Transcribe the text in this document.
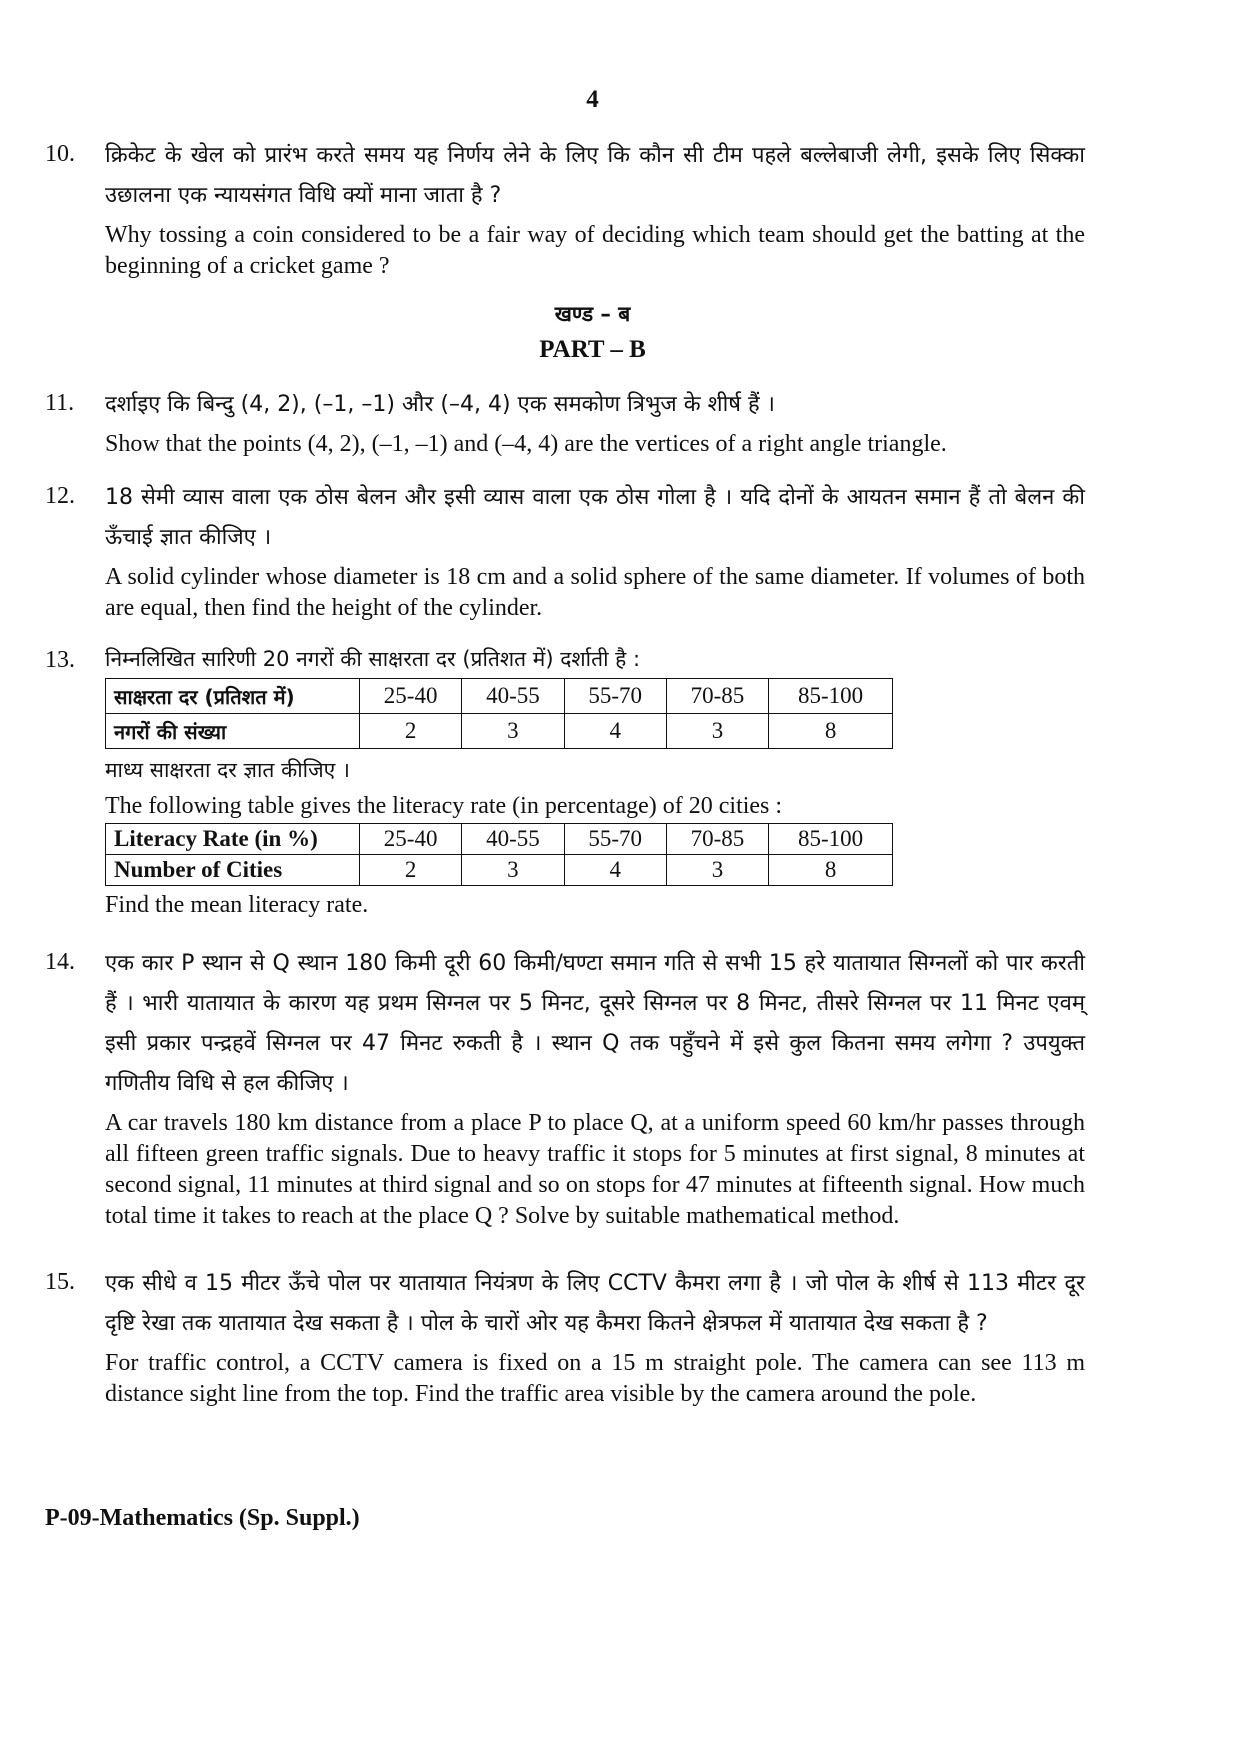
4
10. क्रिकेट के खेल को प्रारंभ करते समय यह निर्णय लेने के लिए कि कौन सी टीम पहले बल्लेबाजी लेगी, इसके लिए सिक्का उछालना एक न्यायसंगत विधि क्यों माना जाता है ?

Why tossing a coin considered to be a fair way of deciding which team should get the batting at the beginning of a cricket game ?

खण्ड – ब
PART – B
11. दर्शाइए कि बिन्दु (4, 2), (–1, –1) और (–4, 4) एक समकोण त्रिभुज के शीर्ष हैं ।

Show that the points (4, 2), (–1, –1) and (–4, 4) are the vertices of a right angle triangle.

12. 18 सेमी व्यास वाला एक ठोस बेलन और इसी व्यास वाला एक ठोस गोला है । यदि दोनों के आयतन समान हैं तो बेलन की ऊँचाई ज्ञात कीजिए ।

A solid cylinder whose diameter is 18 cm and a solid sphere of the same diameter. If volumes of both are equal, then find the height of the cylinder.

13. निम्नलिखित सारिणी 20 नगरों की साक्षरता दर (प्रतिशत में) दर्शाती है :

साक्षरता दर (प्रतिशत में)	25-40	40-55	55-70	70-85	85-100
नगरों की संख्या	2	3	4	3	8

माध्य साक्षरता दर ज्ञात कीजिए ।

The following table gives the literacy rate (in percentage) of 20 cities :

Literacy Rate (in %)	25-40	40-55	55-70	70-85	85-100
Number of Cities	2	3	4	3	8

Find the mean literacy rate.

14. एक कार P स्थान से Q स्थान 180 किमी दूरी 60 किमी/घण्टा समान गति से सभी 15 हरे यातायात सिग्नलों को पार करती हैं । भारी यातायात के कारण यह प्रथम सिग्नल पर 5 मिनट, दूसरे सिग्नल पर 8 मिनट, तीसरे सिग्नल पर 11 मिनट एवम् इसी प्रकार पन्द्रहवें सिग्नल पर 47 मिनट रुकती है । स्थान Q तक पहुँचने में इसे कुल कितना समय लगेगा ? उपयुक्त गणितीय विधि से हल कीजिए ।

A car travels 180 km distance from a place P to place Q, at a uniform speed 60 km/hr passes through all fifteen green traffic signals. Due to heavy traffic it stops for 5 minutes at first signal, 8 minutes at second signal, 11 minutes at third signal and so on stops for 47 minutes at fifteenth signal. How much total time it takes to reach at the place Q ? Solve by suitable mathematical method.

15. एक सीधे व 15 मीटर ऊँचे पोल पर यातायात नियंत्रण के लिए CCTV कैमरा लगा है । जो पोल के शीर्ष से 113 मीटर दूर दृष्टि रेखा तक यातायात देख सकता है । पोल के चारों ओर यह कैमरा कितने क्षेत्रफल में यातायात देख सकता है ?

For traffic control, a CCTV camera is fixed on a 15 m straight pole. The camera can see 113 m distance sight line from the top. Find the traffic area visible by the camera around the pole.

P-09-Mathematics (Sp. Suppl.)
